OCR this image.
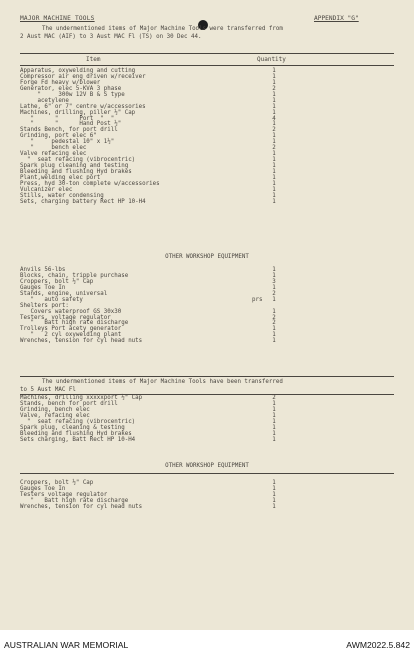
MAJOR MACHINE TOOLS	APPENDIX "G"
The undermentioned items of Major Machine Tools were transferred from
2 Aust MAC (AIF) to 3 Aust MAC Fl (TS) on 30 Dec 44.
Item	Quantity
Apparatus, oxywelding and cutting	1
Compressor air eng driven w/receiver	1
Forge Fd heavy w/blower	1
Generator, elec 5-KVA 3 phase	2
"     300w 12V B & S type	1
acetylene	1
Lathe, 6" or 7" centre w/accessories	1
Machines, drilling, piller ½" Cap	1
"      "      Port  "  "	4
"      "      Hand Post ½"	1
Stands Bench, for port drill	2
Grinding, port elec 6"	1
"     pedestal 10" x 1½"	1
"     bench elec	2
Valve refacing elec	1
"  seat refacing (vibrocentric)	1
Spark plug cleaning and testing	1
Bleeding and flushing Hyd brakes	1
Plant,welding elec port	1
Press, hyd 30-ton complete w/accessories	1
Vulcanizer elec	1
Stills, water condensing	1
Sets, charging battery Rect HP 10-H4	1
OTHER WORKSHOP EQUIPMENT
Anvils 56-lbs	1
Blocks, chain, tripple purchase	1
Croppers, bolt ½" Cap	3
Gauges Toe In	1
Stands, engine, universal	2
"   auto safety	prs	1
Shelters port:
Covers waterproof GS 30x30	1
Testers, voltage regulator	2
"   Batt high rate discharge	2
Trolleys Port acety generator	1
"   2 cyl oxywelding plant	1
Wrenches, tension for cyl head nuts	1
The undermentioned items of Major Machine Tools have been transferred
to 5 Aust MAC Fl
Machines, drilling xxxxxport ½" Cap	2
Stands, bench for port drill	1
Grinding, bench elec	1
Valve, refacing elec	1
"  seat refacing (vibrocentric)	1
Spark plug, cleaning & testing	1
Bleeding and flushing Hyd brakes	1
Sets charging, Batt Rect HP 10-H4	1
OTHER WORKSHOP EQUIPMENT
Croppers, bolt ½" Cap	1
Gauges Toe In	1
Testers voltage regulator	1
"   Batt high rate discharge	1
Wrenches, tension for cyl head nuts	1
AUSTRALIAN WAR MEMORIAL	AWM2022.5.842
